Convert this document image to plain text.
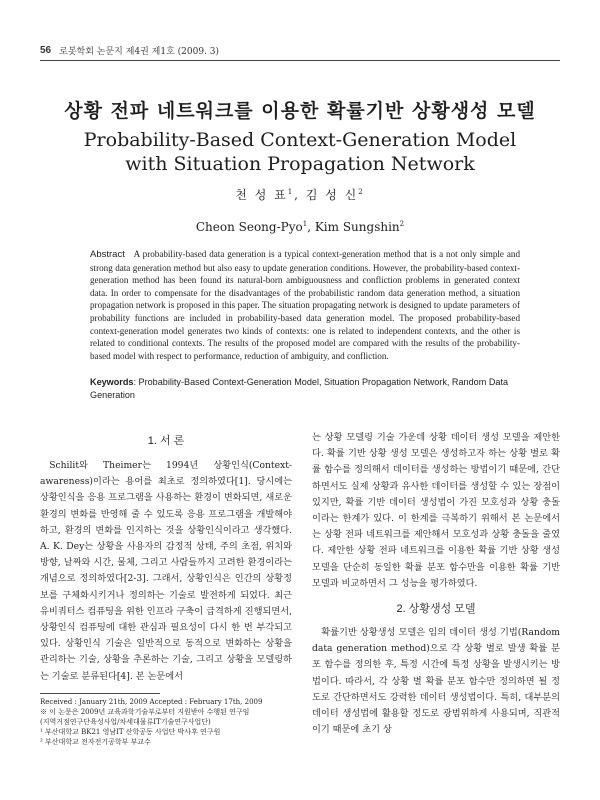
56 로봇학회 논문지 제4권 제1호 (2009. 3)
상황 전파 네트워크를 이용한 확률기반 상황생성 모델
Probability-Based Context-Generation Model
with Situation Propagation Network
천 성 표$^1$, 김 성 신$^2$
Cheon Seong-Pyo$^1$, Kim Sungshin$^2$
Abstract A probability-based data generation is a typical context-generation method that is a not only simple and strong data generation method but also easy to update generation conditions. However, the probability-based context-generation method has been found its natural-born ambiguousness and confliction problems in generated context data. In order to compensate for the disadvantages of the probabilistic random data generation method, a situation propagation network is proposed in this paper. The situation propagating network is designed to update parameters of probability functions are included in probability-based data generation model. The proposed probability-based context-generation model generates two kinds of contexts: one is related to independent contexts, and the other is related to conditional contexts. The results of the proposed model are compared with the results of the probability-based model with respect to performance, reduction of ambiguity, and confliction.
Keywords: Probability-Based Context-Generation Model, Situation Propagation Network, Random Data Generation
1. 서 론

Schilit와 Theimer는 1994년 상황인식(Context-awareness)이라는 용어를 최초로 정의하였다[1]. 당시에는 상황인식을 응용 프로그램을 사용하는 환경이 변화되면, 새로운 환경의 변화를 반영해 줄 수 있도록 응용 프로그램을 개발해야 하고, 환경의 변화를 인지하는 것을 상황인식이라고 생각했다. A. K. Dey는 상황을 사용자의 감정적 상태, 주의 초점, 위치와 방향, 날짜와 시간, 물체, 그리고 사람들까지 고려한 환경이라는 개념으로 정의하였다[2-3]. 그래서, 상황인식은 인간의 상황정보를 구체화시키거나 정의하는 기술로 발전하게 되었다. 최근 유비쿼터스 컴퓨팅을 위한 인프라 구축이 급격하게 진행되면서, 상황인식 컴퓨팅에 대한 관심과 필요성이 다시 한 번 부각되고 있다. 상황인식 기술은 일반적으로 동적으로 변화하는 상황을 관리하는 기술, 상황을 추론하는 기술, 그리고 상황을 모델링하는 기술로 분류된다[4]. 본 논문에서

는 상황 모델링 기술 가운데 상황 데이터 생성 모델을 제안한다. 확률 기반 상황 생성 모델은 생성하고자 하는 상황 별로 확률 함수를 정의해서 데이터를 생성하는 방법이기 때문에, 간단하면서도 실제 상황과 유사한 데이터를 생성할 수 있는 장점이 있지만, 확률 기반 데이터 생성법이 가진 모호성과 상황 충돌이라는 한계가 있다. 이 한계를 극복하기 위해서 본 논문에서는 상황 전파 네트워크를 제안해서 모호성과 상황 충돌을 줄였다. 제안한 상황 전파 네트워크를 이용한 확률 기반 상황 생성 모델을 단순히 동일한 확률 분포 함수만을 이용한 확률 기반 모델과 비교하면서 그 성능을 평가하였다.

2. 상황생성 모델

확률기반 상황생성 모델은 임의 데이터 생성 기법(Random data generation method)으로 각 상황 별로 발생 확률 분포 함수를 정의한 후, 특정 시간에 특정 상황을 발생시키는 방법이다. 따라서, 각 상황 별 확률 분포 함수만 정의하면 될 정도로 간단하면서도 강력한 데이터 생성법이다. 특히, 대부분의 데이터 생성법에 활용할 정도로 광범위하게 사용되며, 직관적이기 때문에 초기 상

Received : January 21th, 2009 Accepted : February 17th, 2009
※ 이 논문은 2009년 교육과학기술부로부터 지원받아 수행된 연구임
(지역거점연구단육성사업/차세대물류IT기술연구사업단)
¹ 부산대학교 BK21 영남IT 산학공동 사업단 박사후 연구원
² 부산대학교 전자전기공학부 부교수
